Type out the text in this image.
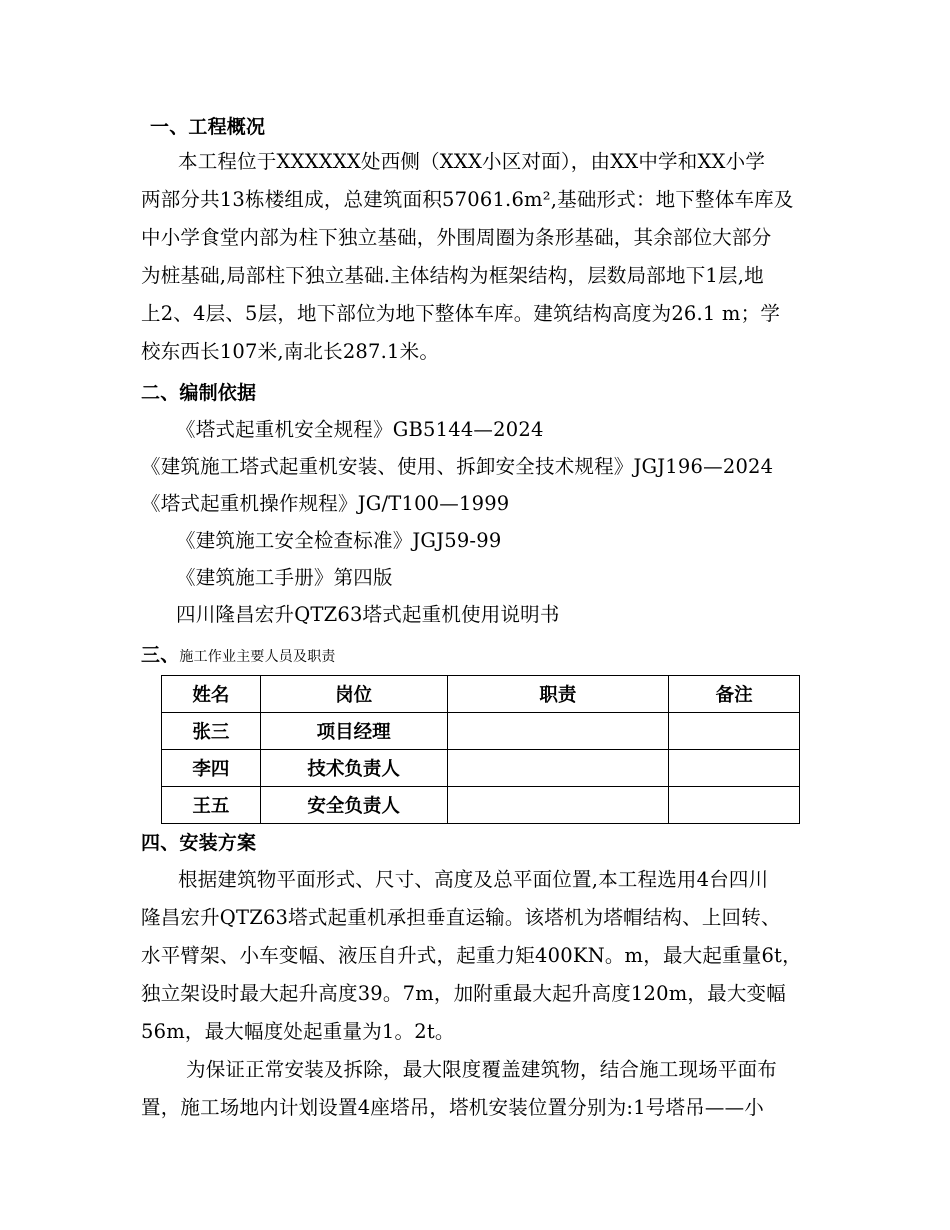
一、工程概况
本工程位于XXXXXX处西侧（XXX小区对面），由XX中学和XX小学
两部分共13栋楼组成，总建筑面积57061.6m²,基础形式：地下整体车库及
中小学食堂内部为柱下独立基础，外围周圈为条形基础，其余部位大部分
为桩基础,局部柱下独立基础.主体结构为框架结构，层数局部地下1层,地
上2、4层、5层，地下部位为地下整体车库。建筑结构高度为26.1 m；学
校东西长107米,南北长287.1米。
二、编制依据
《塔式起重机安全规程》GB5144—2024
《建筑施工塔式起重机安装、使用、拆卸安全技术规程》JGJ196—2024
《塔式起重机操作规程》JG/T100—1999
《建筑施工安全检查标准》JGJ59-99
《建筑施工手册》第四版
四川隆昌宏升QTZ63塔式起重机使用说明书
三、施工作业主要人员及职责
姓名	岗位	职责	备注
张三	项目经理		
李四	技术负责人		
王五	安全负责人		
四、安装方案
根据建筑物平面形式、尺寸、高度及总平面位置,本工程选用4台四川
隆昌宏升QTZ63塔式起重机承担垂直运输。该塔机为塔帽结构、上回转、
水平臂架、小车变幅、液压自升式，起重力矩400KN。m，最大起重量6t，
独立架设时最大起升高度39。7m，加附重最大起升高度120m，最大变幅
56m，最大幅度处起重量为1。2t。
为保证正常安装及拆除，最大限度覆盖建筑物，结合施工现场平面布
置，施工场地内计划设置4座塔吊，塔机安装位置分别为:1号塔吊——小
